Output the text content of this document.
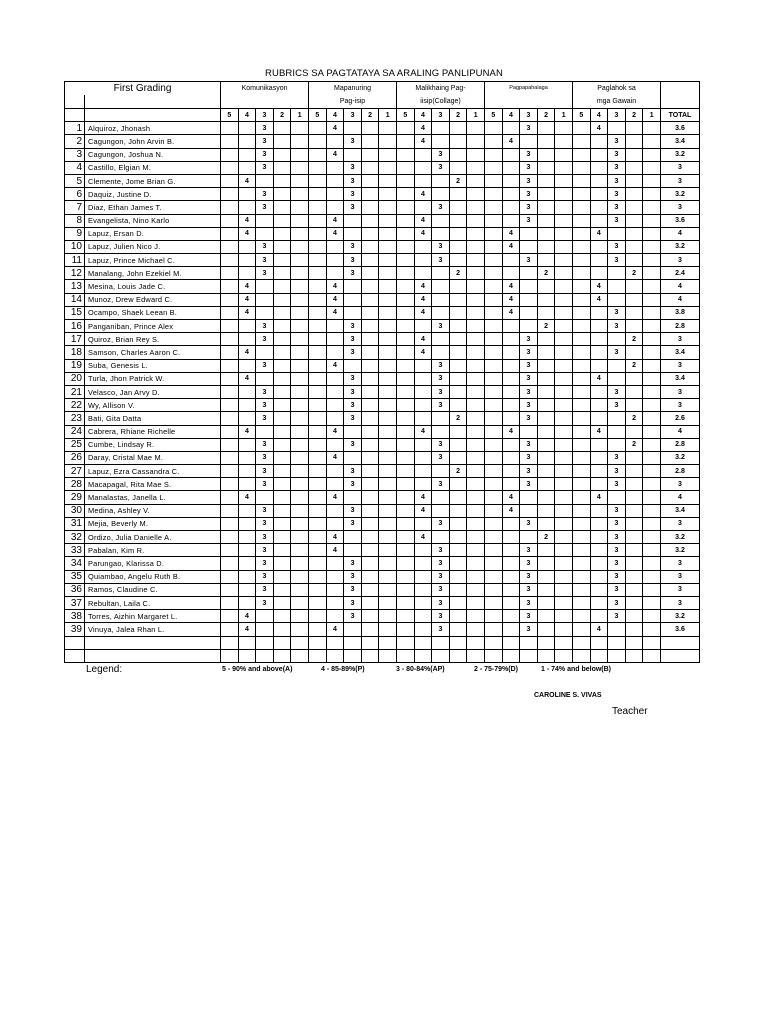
RUBRICS SA PAGTATAYA SA ARALING PANLIPUNAN
First Grading		Komunikasyon					Mapanuring					Malikhaing Pag-					Pagpapahalaga					Paglahok sa					
							Pag-isip					iisip(Collage)										mga Gawain					
		5	4	3	2	1	5	4	3	2	1	5	4	3	2	1	5	4	3	2	1	5	4	3	2	1	TOTAL
1	Alquiroz, Jhonash			3				4					4						3				4				3.6
2	Cagungon, John Arvin B.			3					3				4					4						3			3.4
3	Cagungon, Joshua N.			3				4						3					3					3			3.2
4	Castillo, Elgian M.			3					3					3					3					3			3
5	Clemente, Jome Brian G.		4						3						2				3					3			3
6	Daquiz, Justine D.			3					3				4						3					3			3.2
7	Diaz, Ethan James T.			3					3					3					3					3			3
8	Evangelista, Nino Karlo		4					4					4						3					3			3.6
9	Lapuz, Ersan D.		4					4					4					4					4				4
10	Lapuz, Julien Nico J.			3					3					3				4						3			3.2
11	Lapuz, Prince Michael C.			3					3					3					3					3			3
12	Manalang, John Ezekiel M.			3					3						2					2					2		2.4
13	Mesina, Louis Jade C.		4					4					4					4					4				4
14	Munoz, Drew Edward C.		4					4					4					4					4				4
15	Ocampo, Shaek Leean B.		4					4					4					4						3			3.8
16	Panganiban, Prince Alex			3					3					3						2				3			2.8
17	Quiroz, Brian Rey S.			3					3				4						3						2		3
18	Samson, Charles Aaron C.		4						3				4						3					3			3.4
19	Suba, Genesis L.			3				4						3					3						2		3
20	Turla, Jhon Patrick W.		4						3					3					3				4				3.4
21	Velasco, Jan Arvy D.			3					3					3					3					3			3
22	Wy, Allison V.			3					3					3					3					3			3
23	Bati, Gita Datta			3					3						2				3						2		2.6
24	Cabrera, Rhiane Richelle		4					4					4					4					4				4
25	Cumbe, Lindsay R.			3					3					3					3						2		2.8
26	Daray, Cristal Mae M.			3				4						3					3					3			3.2
27	Lapuz, Ezra Cassandra C.			3					3						2				3					3			2.8
28	Macapagal, Rita Mae S.			3					3					3					3					3			3
29	Manalastas, Janella L.		4					4					4					4					4				4
30	Medina, Ashley V.			3					3				4					4						3			3.4
31	Mejia, Beverly M.			3					3					3					3					3			3
32	Ordizo, Julia Danielle A.			3				4					4							2				3			3.2
33	Pabalan, Kim R.			3				4						3					3					3			3.2
34	Parungao, Klarissa D.			3					3					3					3					3			3
35	Quiambao, Angelu Ruth B.			3					3					3					3					3			3
36	Ramos, Claudine C.			3					3					3					3					3			3
37	Rebultan, Laila C.			3					3					3					3					3			3
38	Torres, Aizhin Margaret L.		4						3					3					3					3			3.2
39	Vinuya, Jalea Rhan L.		4					4						3					3				4				3.6

Legend:	5 - 90% and above(A)	4 - 85-89%(P)	3 - 80-84%(AP)	2 - 75-79%(D)	1 - 74% and below(B)
CAROLINE S. VIVAS
Teacher
